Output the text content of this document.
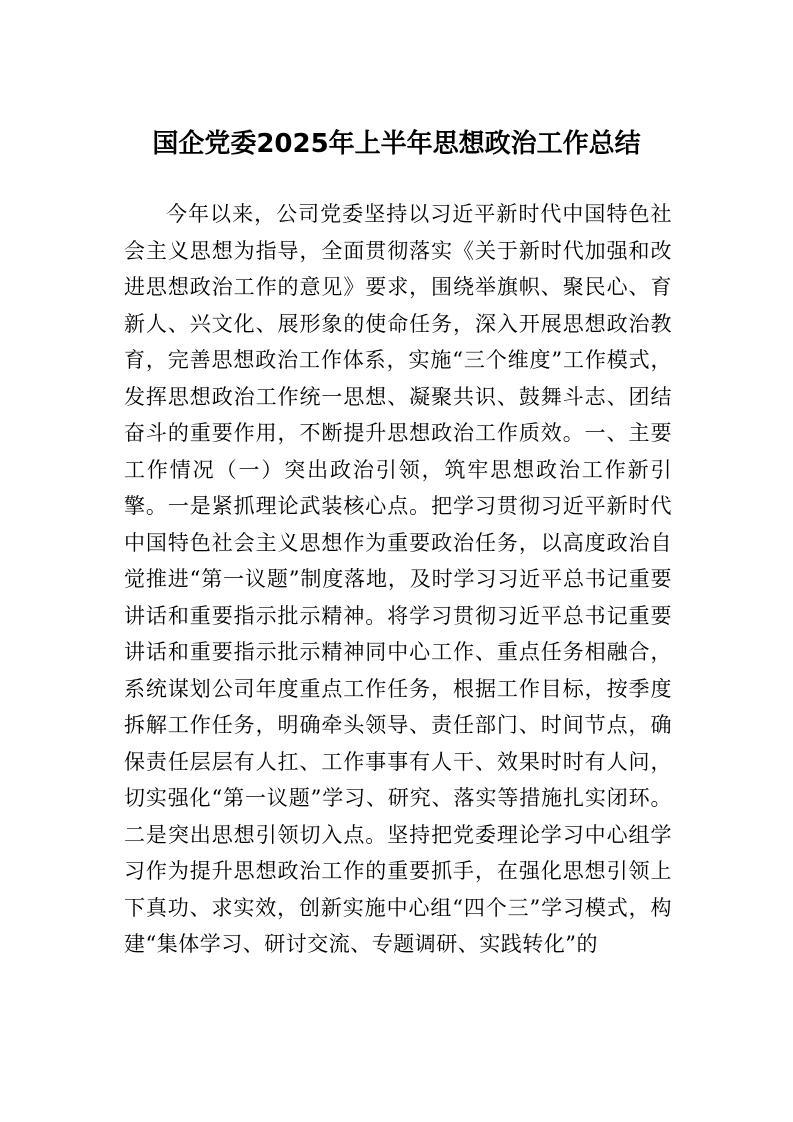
国企党委2025年上半年思想政治工作总结

今年以来，公司党委坚持以习近平新时代中国特色社会主义思想为指导，全面贯彻落实《关于新时代加强和改进思想政治工作的意见》要求，围绕举旗帜、聚民心、育新人、兴文化、展形象的使命任务，深入开展思想政治教育，完善思想政治工作体系，实施“三个维度”工作模式，发挥思想政治工作统一思想、凝聚共识、鼓舞斗志、团结奋斗的重要作用，不断提升思想政治工作质效。一、主要工作情况（一）突出政治引领，筑牢思想政治工作新引擎。一是紧抓理论武装核心点。把学习贯彻习近平新时代中国特色社会主义思想作为重要政治任务，以高度政治自觉推进“第一议题”制度落地，及时学习习近平总书记重要讲话和重要指示批示精神。将学习贯彻习近平总书记重要讲话和重要指示批示精神同中心工作、重点任务相融合，系统谋划公司年度重点工作任务，根据工作目标，按季度拆解工作任务，明确牵头领导、责任部门、时间节点，确保责任层层有人扛、工作事事有人干、效果时时有人问，切实强化“第一议题”学习、研究、落实等措施扎实闭环。二是突出思想引领切入点。坚持把党委理论学习中心组学习作为提升思想政治工作的重要抓手，在强化思想引领上下真功、求实效，创新实施中心组“四个三”学习模式，构建“集体学习、研讨交流、专题调研、实践转化”的
